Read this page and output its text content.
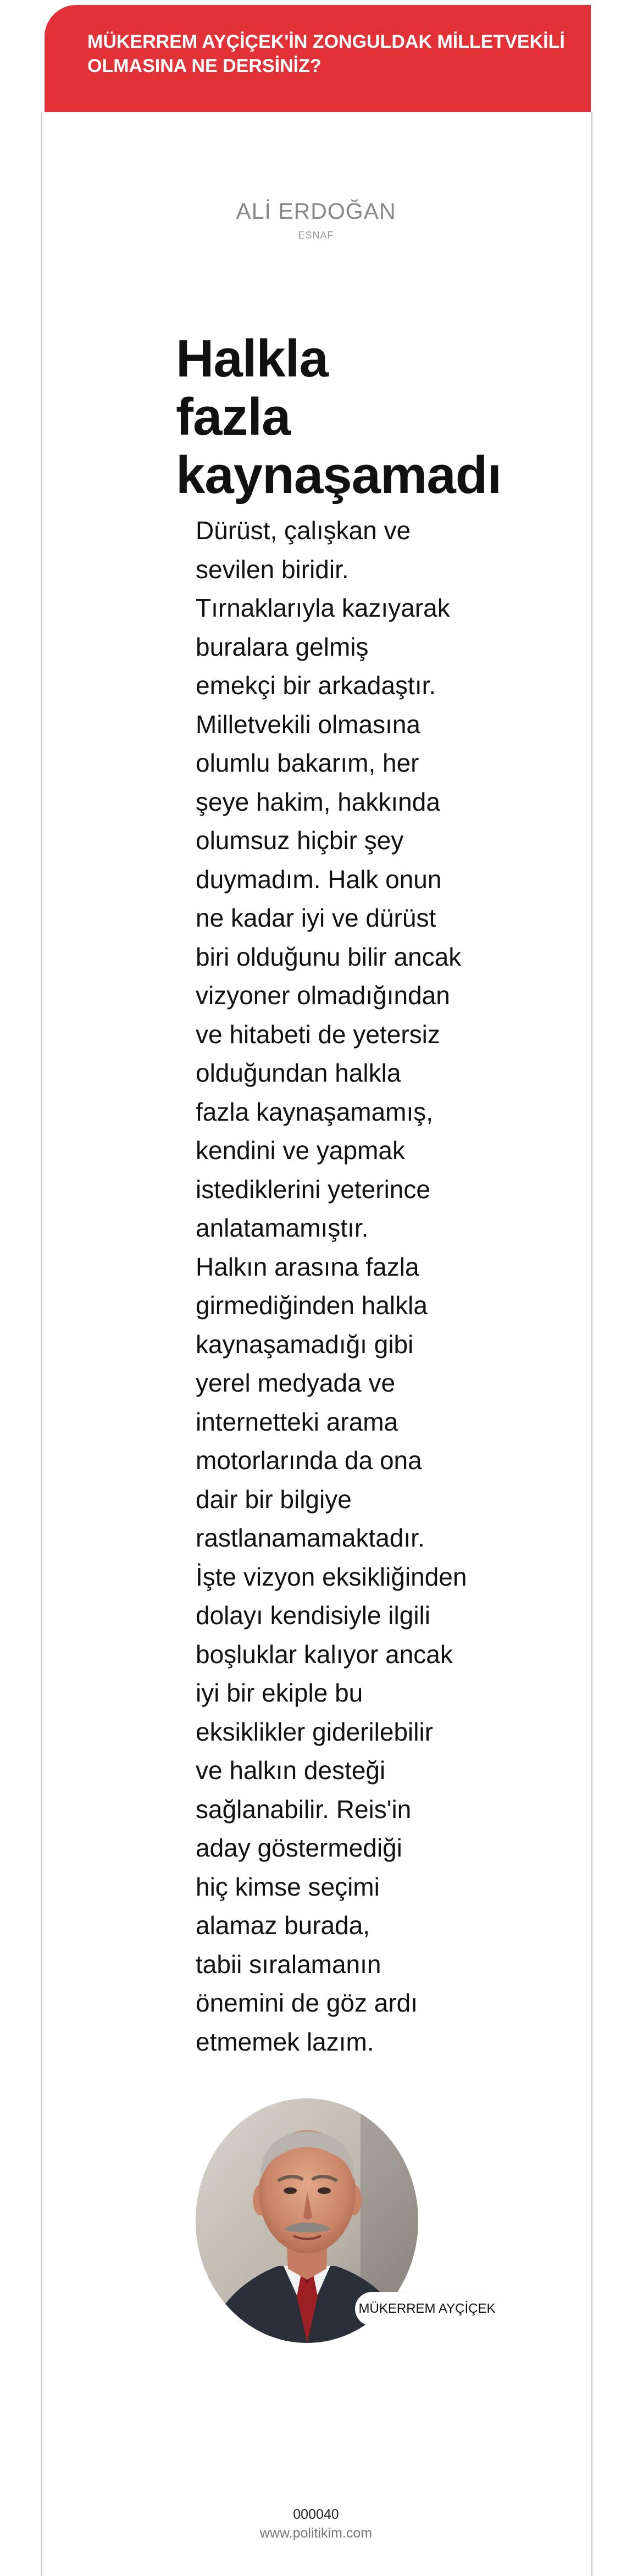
MÜKERREM AYÇİÇEK'İN ZONGULDAK MİLLETVEKİLİ OLMASINA NE DERSİNİZ?

ALİ ERDOĞAN
ESNAF
Halkla
fazla
kaynaşamadı
Dürüst, çalışkan ve
sevilen biridir.
Tırnaklarıyla kazıyarak
buralara gelmiş
emekçi bir arkadaştır.
Milletvekili olmasına
olumlu bakarım, her
şeye hakim, hakkında
olumsuz hiçbir şey
duymadım. Halk onun
ne kadar iyi ve dürüst
biri olduğunu bilir ancak
vizyoner olmadığından
ve hitabeti de yetersiz
olduğundan halkla
fazla kaynaşamamış,
kendini ve yapmak
istediklerini yeterince
anlatamamıştır.
Halkın arasına fazla
girmediğinden halkla
kaynaşamadığı gibi
yerel medyada ve
internetteki arama
motorlarında da ona
dair bir bilgiye
rastlanamamaktadır.
İşte vizyon eksikliğinden
dolayı kendisiyle ilgili
boşluklar kalıyor ancak
iyi bir ekiple bu
eksiklikler giderilebilir
ve halkın desteği
sağlanabilir. Reis'in
aday göstermediği
hiç kimse seçimi
alamaz burada,
tabii sıralamanın
önemini de göz ardı
etmemek lazım.
MÜKERREM AYÇİÇEK
000040
www.politikim.com
